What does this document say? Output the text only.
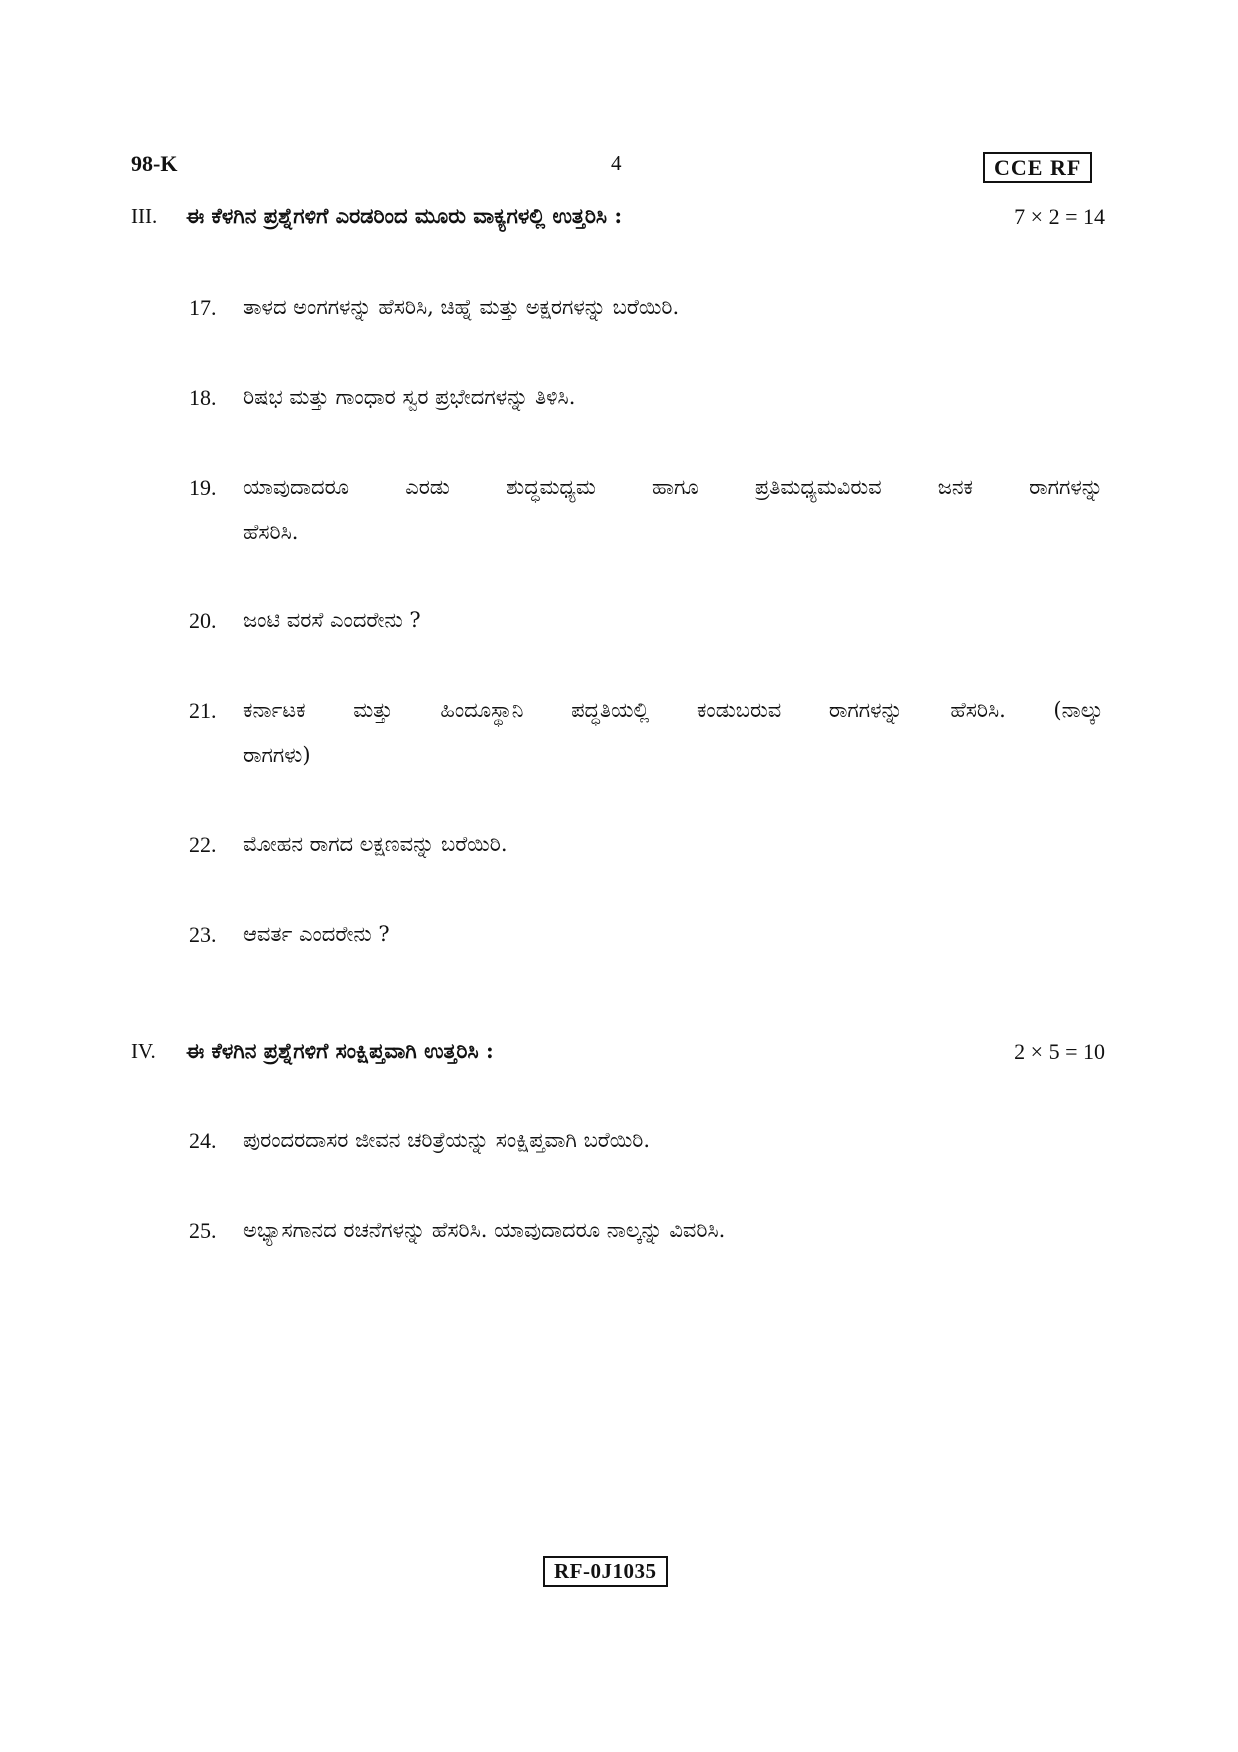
98-K	4	CCE RF
III. ಈ ಕೆಳಗಿನ ಪ್ರಶ್ನೆಗಳಿಗೆ ಎರಡರಿಂದ ಮೂರು ವಾಕ್ಯಗಳಲ್ಲಿ ಉತ್ತರಿಸಿ :	7 × 2 = 14
17. ತಾಳದ ಅಂಗಗಳನ್ನು ಹೆಸರಿಸಿ, ಚಿಹ್ನೆ ಮತ್ತು ಅಕ್ಷರಗಳನ್ನು ಬರೆಯಿರಿ.
18. ರಿಷಭ ಮತ್ತು ಗಾಂಧಾರ ಸ್ವರ ಪ್ರಭೇದಗಳನ್ನು ತಿಳಿಸಿ.
19. ಯಾವುದಾದರೂ ಎರಡು ಶುದ್ಧಮಧ್ಯಮ ಹಾಗೂ ಪ್ರತಿಮಧ್ಯಮವಿರುವ ಜನಕ ರಾಗಗಳನ್ನು
ಹೆಸರಿಸಿ.
20. ಜಂಟಿ ವರಸೆ ಎಂದರೇನು ?
21. ಕರ್ನಾಟಕ ಮತ್ತು ಹಿಂದೂಸ್ಥಾನಿ ಪದ್ಧತಿಯಲ್ಲಿ ಕಂಡುಬರುವ ರಾಗಗಳನ್ನು ಹೆಸರಿಸಿ. (ನಾಲ್ಕು
ರಾಗಗಳು)
22. ಮೋಹನ ರಾಗದ ಲಕ್ಷಣವನ್ನು ಬರೆಯಿರಿ.
23. ಆವರ್ತ ಎಂದರೇನು ?
IV. ಈ ಕೆಳಗಿನ ಪ್ರಶ್ನೆಗಳಿಗೆ ಸಂಕ್ಷಿಪ್ತವಾಗಿ ಉತ್ತರಿಸಿ :	2 × 5 = 10
24. ಪುರಂದರದಾಸರ ಜೀವನ ಚರಿತ್ರೆಯನ್ನು ಸಂಕ್ಷಿಪ್ತವಾಗಿ ಬರೆಯಿರಿ.
25. ಅಭ್ಯಾಸಗಾನದ ರಚನೆಗಳನ್ನು ಹೆಸರಿಸಿ. ಯಾವುದಾದರೂ ನಾಲ್ಕನ್ನು ವಿವರಿಸಿ.
RF-0J1035
